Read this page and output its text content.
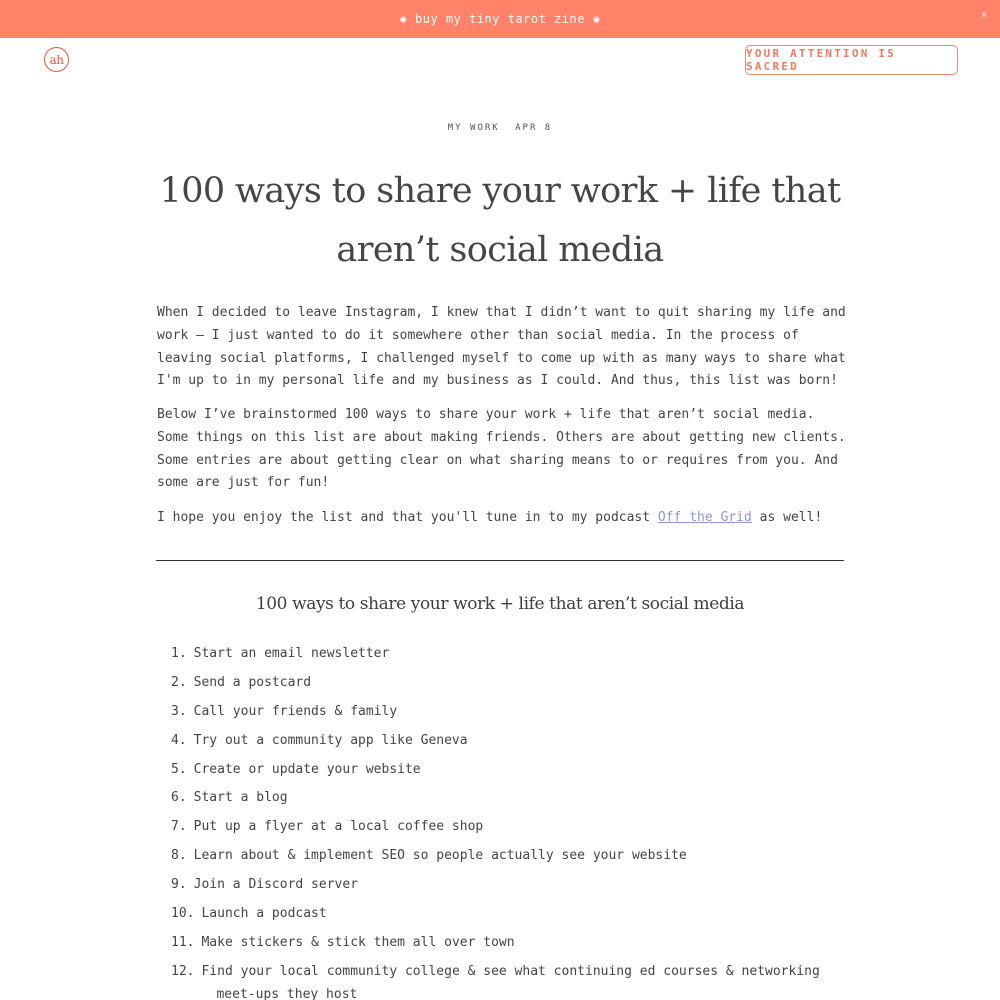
✺ buy my tiny tarot zine ✺	×
ah	YOUR ATTENTION IS SACRED
MY WORK APR 8
100 ways to share your work + life that aren’t social media

When I decided to leave Instagram, I knew that I didn’t want to quit sharing my life and work — I just wanted to do it somewhere other than social media. In the process of leaving social platforms, I challenged myself to come up with as many ways to share what I'm up to in my personal life and my business as I could. And thus, this list was born!

Below I’ve brainstormed 100 ways to share your work + life that aren’t social media. Some things on this list are about making friends. Others are about getting new clients. Some entries are about getting clear on what sharing means to or requires from you. And some are just for fun!

I hope you enjoy the list and that you'll tune in to my podcast Off the Grid as well!

100 ways to share your work + life that aren’t social media
1. Start an email newsletter
2. Send a postcard
3. Call your friends & family
4. Try out a community app like Geneva
5. Create or update your website
6. Start a blog
7. Put up a flyer at a local coffee shop
8. Learn about & implement SEO so people actually see your website
9. Join a Discord server
10. Launch a podcast
11. Make stickers & stick them all over town
12. Find your local community college & see what continuing ed courses & networking meet-ups they host
